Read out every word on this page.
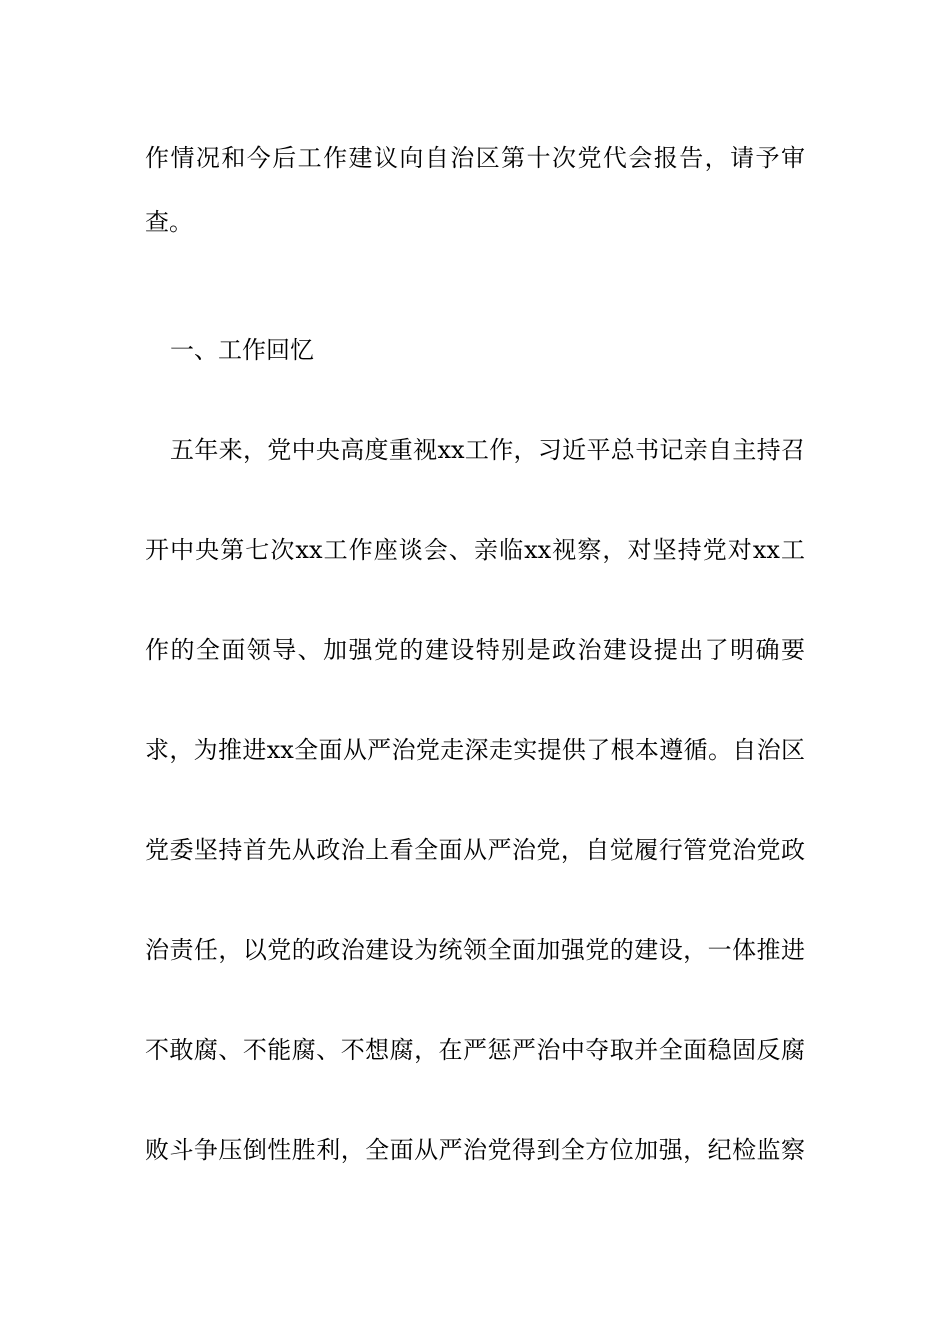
作情况和今后工作建议向自治区第十次党代会报告，请予审
查。
一、工作回忆
五年来，党中央高度重视xx工作，习近平总书记亲自主持召
开中央第七次xx工作座谈会、亲临xx视察，对坚持党对xx工
作的全面领导、加强党的建设特别是政治建设提出了明确要
求，为推进xx全面从严治党走深走实提供了根本遵循。自治区
党委坚持首先从政治上看全面从严治党，自觉履行管党治党政
治责任，以党的政治建设为统领全面加强党的建设，一体推进
不敢腐、不能腐、不想腐，在严惩严治中夺取并全面稳固反腐
败斗争压倒性胜利，全面从严治党得到全方位加强，纪检监察
